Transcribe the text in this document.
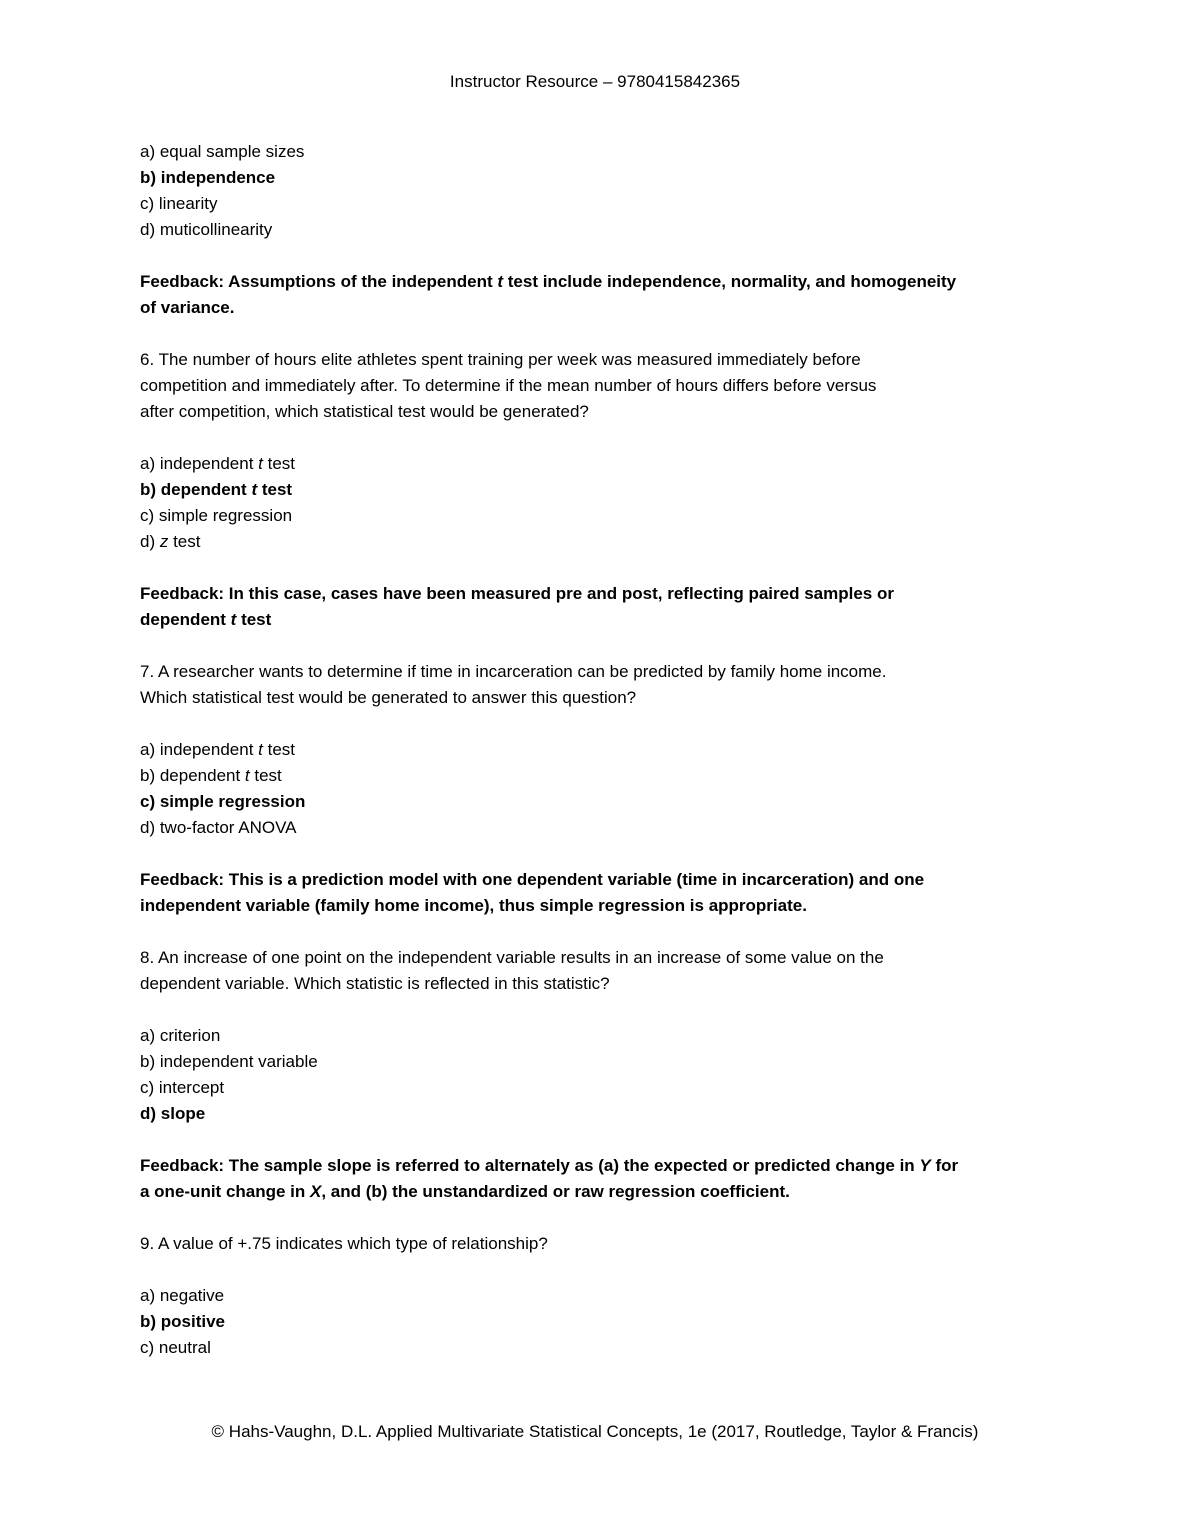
Instructor Resource – 9780415842365
a) equal sample sizes
b) independence
c) linearity
d) muticollinearity
Feedback: Assumptions of the independent t test include independence, normality, and homogeneity
of variance.
6. The number of hours elite athletes spent training per week was measured immediately before
competition and immediately after. To determine if the mean number of hours differs before versus
after competition, which statistical test would be generated?
a) independent t test
b) dependent t test
c) simple regression
d) z test
Feedback: In this case, cases have been measured pre and post, reflecting paired samples or
dependent t test
7. A researcher wants to determine if time in incarceration can be predicted by family home income.
Which statistical test would be generated to answer this question?
a) independent t test
b) dependent t test
c) simple regression
d) two-factor ANOVA
Feedback: This is a prediction model with one dependent variable (time in incarceration) and one
independent variable (family home income), thus simple regression is appropriate.
8. An increase of one point on the independent variable results in an increase of some value on the
dependent variable. Which statistic is reflected in this statistic?
a) criterion
b) independent variable
c) intercept
d) slope
Feedback: The sample slope is referred to alternately as (a) the expected or predicted change in Y for
a one-unit change in X, and (b) the unstandardized or raw regression coefficient.
9. A value of +.75 indicates which type of relationship?
a) negative
b) positive
c) neutral
© Hahs-Vaughn, D.L. Applied Multivariate Statistical Concepts, 1e (2017, Routledge, Taylor & Francis)
